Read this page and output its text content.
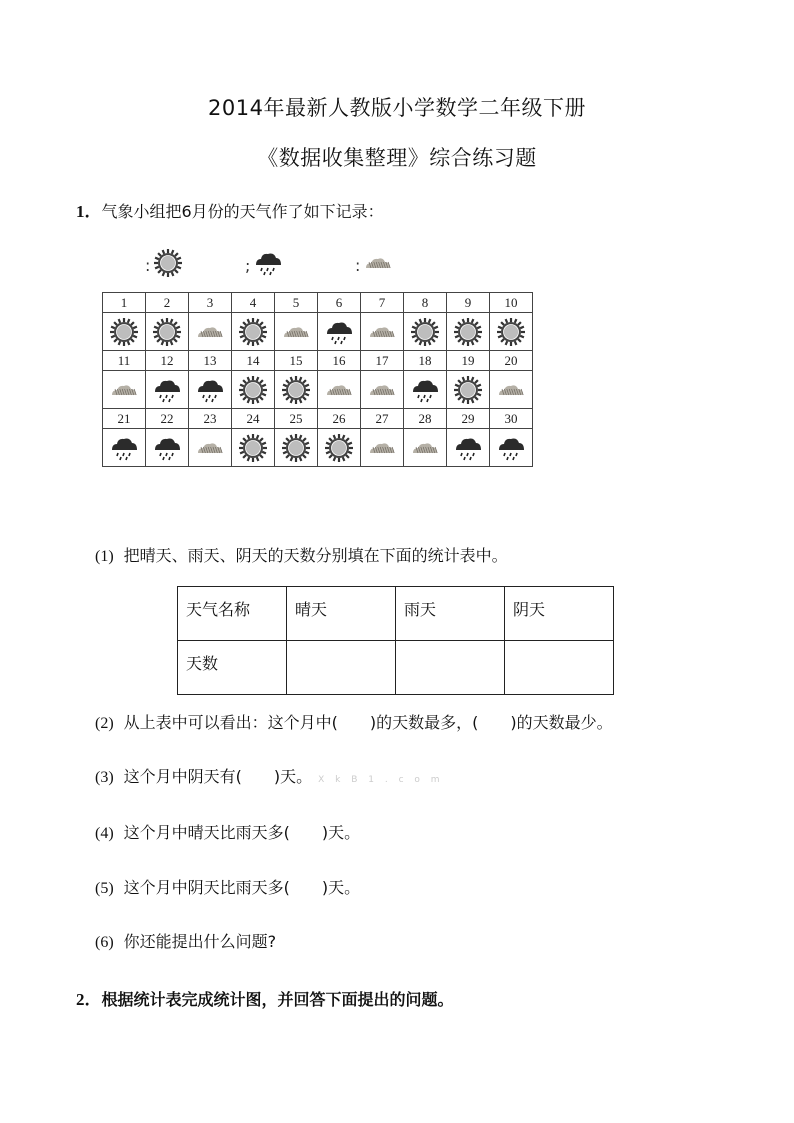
2014年最新人教版小学数学二年级下册
《数据收集整理》综合练习题
1．气象小组把6月份的天气作了如下记录：
:	;	:
1	2	3	4	5	6	7	8	9	10

11	12	13	14	15	16	17	18	19	20

21	22	23	24	25	26	27	28	29	30

(1) 把晴天、雨天、阴天的天数分别填在下面的统计表中。
天气名称	晴天	雨天	阴天
天数			
(2) 从上表中可以看出：这个月中(　　)的天数最多，(　　)的天数最少。
(3) 这个月中阴天有(　　)天。 X k B 1 . c o m
(4) 这个月中晴天比雨天多(　　)天。
(5) 这个月中阴天比雨天多(　　)天。
(6) 你还能提出什么问题?
2．根据统计表完成统计图，并回答下面提出的问题。
